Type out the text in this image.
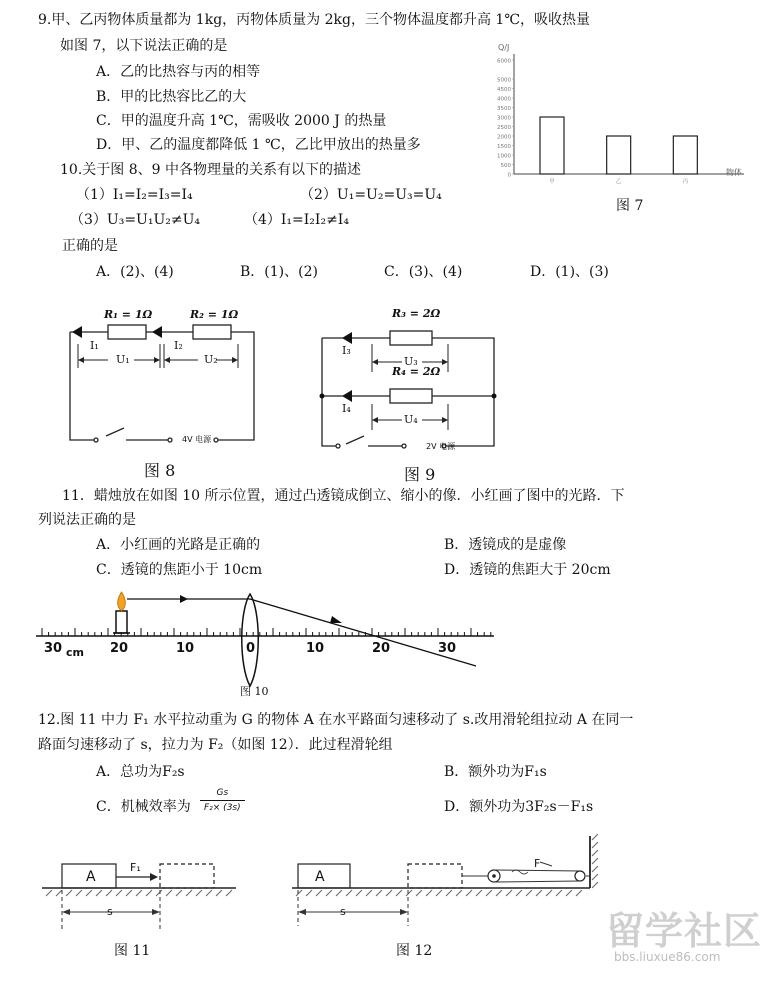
9.甲、乙丙物体质量都为 1kg，丙物体质量为 2kg，三个物体温度都升高 1℃，吸收热量
如图 7，以下说法正确的是
A．乙的比热容与丙的相等
B．甲的比热容比乙的大
C．甲的温度升高 1℃，需吸收 2000 J 的热量
D．甲、乙的温度都降低 1 ℃，乙比甲放出的热量多
0
500
1000
1500
2000
2500
3000
3500
4000
4500
5000
6000
Q/J
物体
甲	乙	丙
图 7
10.关于图 8、9 中各物理量的关系有以下的描述
（1）I₁=I₂=I₃=I₄	（2）U₁=U₂=U₃=U₄
（3）U₃=U₁U₂≠U₄	（4）I₁=I₂I₂≠I₄
正确的是
A．(2)、(4)	B．(1)、(2)	C．(3)、(4)	D．(1)、(3)
R₁ = 1Ω	R₂ = 1Ω
I₁	I₂
U₁	U₂
4V 电源
图 8
R₃ = 2Ω
R₄ = 2Ω
I₃
I₄
U₃
U₄
2V 电源
图 9
11．蜡烛放在如图 10 所示位置，通过凸透镜成倒立、缩小的像．小红画了图中的光路．下
列说法正确的是
A．小红画的光路是正确的	B．透镜成的是虚像
C．透镜的焦距小于 10cm	D．透镜的焦距大于 20cm
30 cm 20	10	0	10	20	30
图 10
12.图 11 中力 F₁ 水平拉动重为 G 的物体 A 在水平路面匀速移动了 s.改用滑轮组拉动 A 在同一
路面匀速移动了 s，拉力为 F₂（如图 12）．此过程滑轮组
A．总功为F₂s	B．额外功为F₁s
C．机械效率为
Gs
F₂× (3s)	D．额外功为3F₂s－F₁s
A
F₁
s
图 11
A
F
s
图 12	留学社区
bbs.liuxue86.com
